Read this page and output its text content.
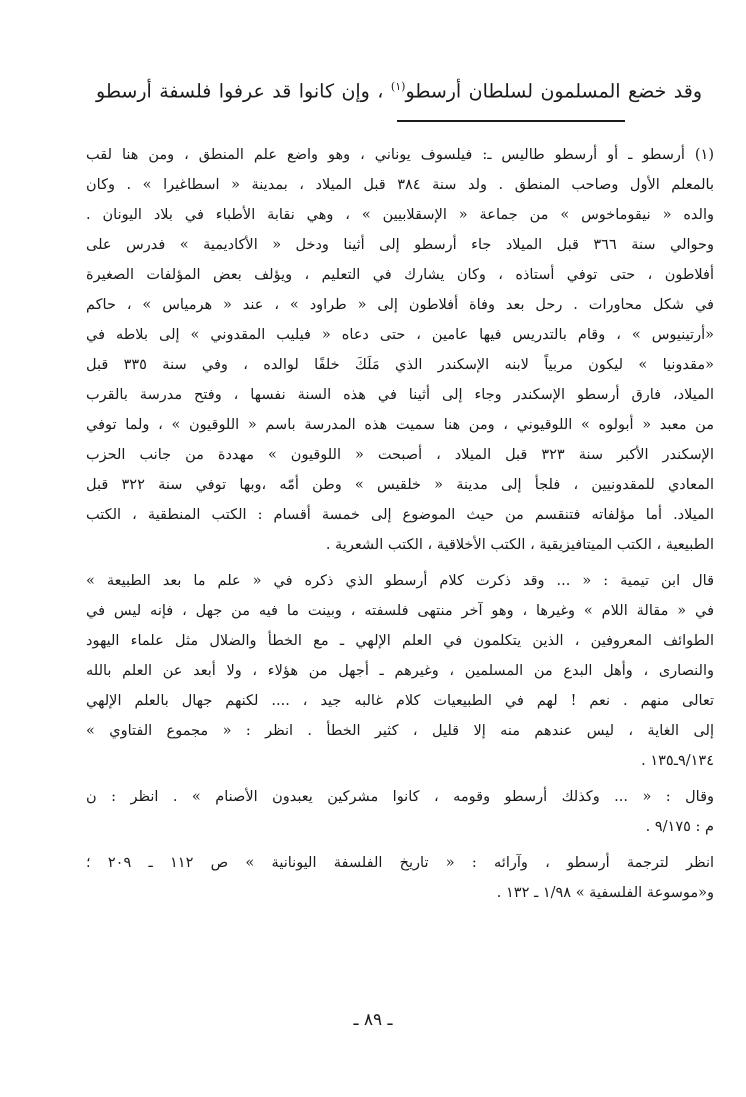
وقد خضع المسلمون لسلطان أرسطو$^{(١)}$ ، وإن كانوا قد عرفوا فلسفة أرسطو
(١) أرسطو ـ أو أرسطو طاليس ـ: فيلسوف يوناني ، وهو واضع علم المنطق ، ومن هنا لقب
بالمعلم الأول وصاحب المنطق . ولد سنة ٣٨٤ قبل الميلاد ، بمدينة « اسطاغيرا » . وكان
والده « نيقوماخوس » من جماعة « الإسقلابيين » ، وهي نقابة الأطباء في بلاد اليونان .
وحوالي سنة ٣٦٦ قبل الميلاد جاء أرسطو إلى أثينا ودخل « الأكاديمية » فدرس على
أفلاطون ، حتى توفي أستاذه ، وكان يشارك في التعليم ، ويؤلف بعض المؤلفات الصغيرة
في شكل محاورات . رحل بعد وفاة أفلاطون إلى « طراود » ، عند « هرمياس » ، حاكم
«أرتينيوس » ، وقام بالتدريس فيها عامين ، حتى دعاه « فيليب المقدوني » إلى بلاطه في
«مقدونيا » ليكون مربياً لابنه الإسكندر الذي مَلَكَ خلفًا لوالده ، وفي سنة ٣٣٥ قبل
الميلاد، فارق أرسطو الإسكندر وجاء إلى أثينا في هذه السنة نفسها ، وفتح مدرسة بالقرب
من معبد « أبولوه » اللوقيوني ، ومن هنا سميت هذه المدرسة باسم « اللوقيون » ، ولما توفي
الإسكندر الأكبر سنة ٣٢٣ قبل الميلاد ، أصبحت « اللوقيون » مهددة من جانب الحزب
المعادي للمقدونيين ، فلجأ إلى مدينة « خلقيس » وطن أمّه ،وبها توفي سنة ٣٢٢ قبل
الميلاد. أما مؤلفاته فتنقسم من حيث الموضوع إلى خمسة أقسام : الكتب المنطقية ، الكتب
الطبيعية ، الكتب الميتافيزيقية ، الكتب الأخلاقية ، الكتب الشعرية .
قال ابن تيمية : « ... وقد ذكرت كلام أرسطو الذي ذكره في « علم ما بعد الطبيعة »
في « مقالة اللام » وغيرها ، وهو آخر منتهى فلسفته ، وبينت ما فيه من جهل ، فإنه ليس في
الطوائف المعروفين ، الذين يتكلمون في العلم الإلهي ـ مع الخطأ والضلال مثل علماء اليهود
والنصارى ، وأهل البدع من المسلمين ، وغيرهم ـ أجهل من هؤلاء ، ولا أبعد عن العلم بالله
تعالى منهم . نعم ! لهم في الطبيعيات كلام غالبه جيد ، .... لكنهم جهال بالعلم الإلهي
إلى الغاية ، ليس عندهم منه إلا قليل ، كثير الخطأ . انظر : « مجموع الفتاوي »
٩/١٣٤ـ١٣٥ .
وقال : « ... وكذلك أرسطو وقومه ، كانوا مشركين يعبدون الأصنام » . انظر : ن
م : ٩/١٧٥ .
انظر لترجمة أرسطو ، وآرائه : « تاريخ الفلسفة اليونانية » ص ١١٢ ـ ٢٠٩ ؛
و«موسوعة الفلسفية » ١/٩٨ ـ ١٣٢ .
ـ ٨٩ ـ
